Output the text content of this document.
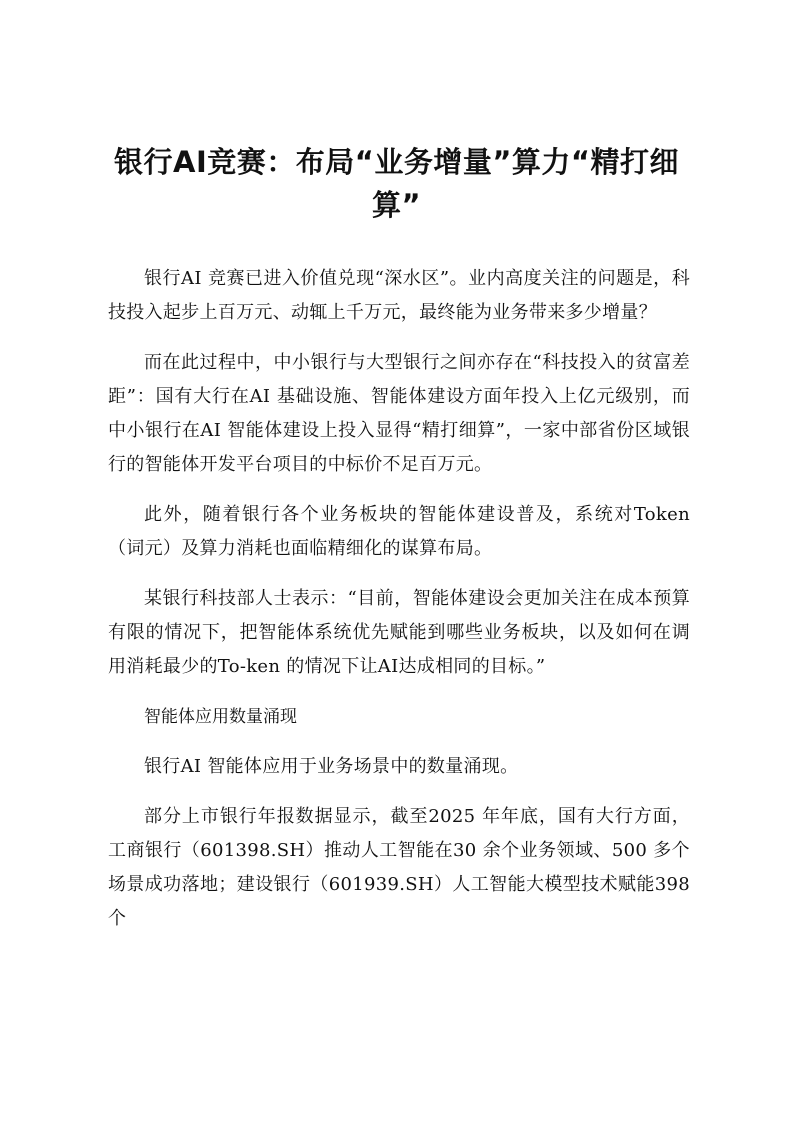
银行AI竞赛：布局“业务增量”算力“精打细算”

银行AI 竞赛已进入价值兑现“深水区”。业内高度关注的问题是，科技投入起步上百万元、动辄上千万元，最终能为业务带来多少增量？

而在此过程中，中小银行与大型银行之间亦存在“科技投入的贫富差距”：国有大行在AI 基础设施、智能体建设方面年投入上亿元级别，而中小银行在AI 智能体建设上投入显得“精打细算”，一家中部省份区域银行的智能体开发平台项目的中标价不足百万元。

此外，随着银行各个业务板块的智能体建设普及，系统对Token（词元）及算力消耗也面临精细化的谋算布局。

某银行科技部人士表示：“目前，智能体建设会更加关注在成本预算有限的情况下，把智能体系统优先赋能到哪些业务板块，以及如何在调用消耗最少的To-ken 的情况下让AI达成相同的目标。”

智能体应用数量涌现

银行AI 智能体应用于业务场景中的数量涌现。

部分上市银行年报数据显示，截至2025 年年底，国有大行方面，工商银行（601398.SH）推动人工智能在30 余个业务领域、500 多个场景成功落地；建设银行（601939.SH）人工智能大模型技术赋能398 个
